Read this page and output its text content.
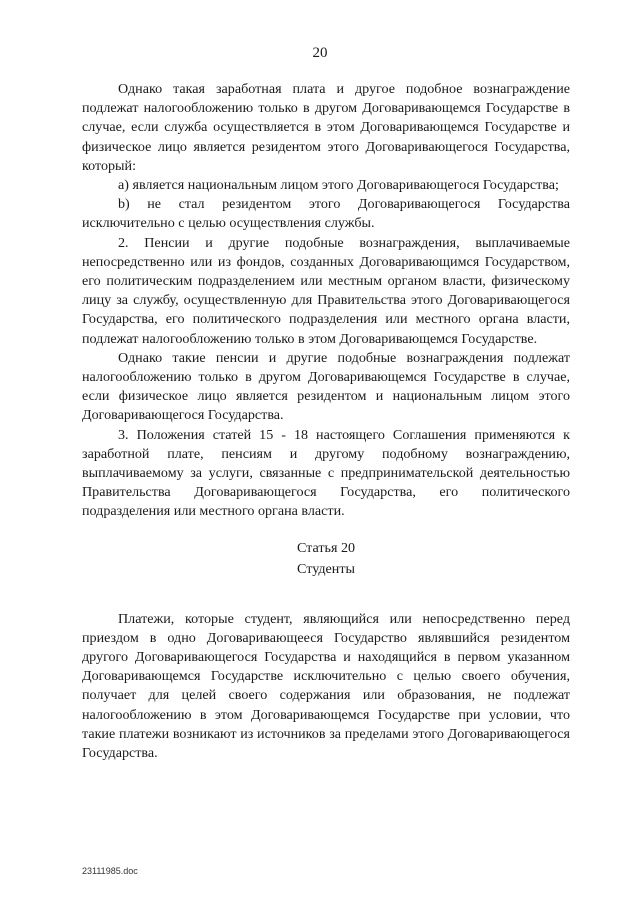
20

Однако такая заработная плата и другое подобное вознаграждение подлежат налогообложению только в другом Договаривающемся Государстве в случае, если служба осуществляется в этом Договаривающемся Государстве и физическое лицо является резидентом этого Договаривающегося Государства, который:

a) является национальным лицом этого Договаривающегося Государства;

b) не стал резидентом этого Договаривающегося Государства исключительно с целью осуществления службы.

2. Пенсии и другие подобные вознаграждения, выплачиваемые непосредственно или из фондов, созданных Договаривающимся Государством, его политическим подразделением или местным органом власти, физическому лицу за службу, осуществленную для Правительства этого Договаривающегося Государства, его политического подразделения или местного органа власти, подлежат налогообложению только в этом Договаривающемся Государстве.

Однако такие пенсии и другие подобные вознаграждения подлежат налогообложению только в другом Договаривающемся Государстве в случае, если физическое лицо является резидентом и национальным лицом этого Договаривающегося Государства.

3. Положения статей 15 - 18 настоящего Соглашения применяются к заработной плате, пенсиям и другому подобному вознаграждению, выплачиваемому за услуги, связанные с предпринимательской деятельностью Правительства Договаривающегося Государства, его политического подразделения или местного органа власти.

Статья 20

Студенты

Платежи, которые студент, являющийся или непосредственно перед приездом в одно Договаривающееся Государство являвшийся резидентом другого Договаривающегося Государства и находящийся в первом указанном Договаривающемся Государстве исключительно с целью своего обучения, получает для целей своего содержания или образования, не подлежат налогообложению в этом Договаривающемся Государстве при условии, что такие платежи возникают из источников за пределами этого Договаривающегося Государства.

23111985.doc
